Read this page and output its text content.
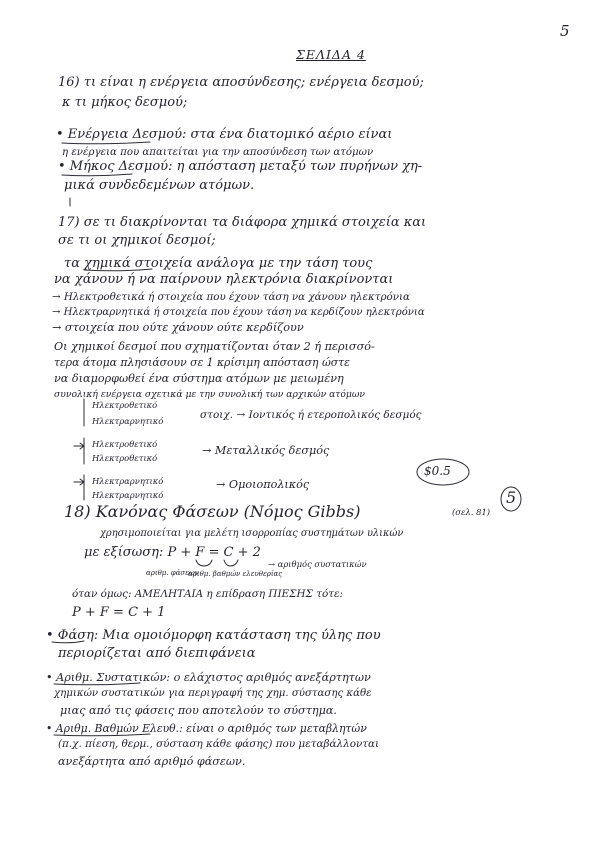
5
ΣΕΛΙΔΑ 4
16) τι είναι η ενέργεια αποσύνδεσης; ενέργεια δεσμού;
κ τι μήκος δεσμού;
• Ενέργεια Δεσμού: στα ένα διατομικό αέριο είναι
η ενέργεια που απαιτείται για την αποσύνδεση των ατόμων
• Μήκος Δεσμού: η απόσταση μεταξύ των πυρήνων χη-
μικά συνδεδεμένων ατόμων.
17) σε τι διακρίνονται τα διάφορα χημικά στοιχεία και
σε τι οι χημικοί δεσμοί;
τα χημικά στοιχεία ανάλογα με την τάση τους
να χάνουν ή να παίρνουν ηλεκτρόνια διακρίνονται
→ Ηλεκτροθετικά ή στοιχεία που έχουν τάση να χάνουν ηλεκτρόνια
→ Ηλεκτραρνητικά ή στοιχεία που έχουν τάση να κερδίζουν ηλεκτρόνια
→ στοιχεία που ούτε χάνουν ούτε κερδίζουν
Οι χημικοί δεσμοί που σχηματίζονται όταν 2 ή περισσό-
τερα άτομα πλησιάσουν σε 1 κρίσιμη απόσταση ώστε
να διαμορφωθεί ένα σύστημα ατόμων με μειωμένη
συνολική ενέργεια σχετικά με την συνολική των αρχικών ατόμων
Ηλεκτροθετικό
Ηλεκτραρνητικό	στοιχ. → Ιοντικός ή ετεροπολικός δεσμός
Ηλεκτροθετικό
Ηλεκτροθετικό
→ Μεταλλικός δεσμός
Ηλεκτραρνητικό
Ηλεκτραρνητικό
→ Ομοιοπολικός
$0.5
5
18) Κανόνας Φάσεων (Νόμος Gibbs)	(σελ. 81)
χρησιμοποιείται για μελέτη ισορροπίας συστημάτων υλικών
με εξίσωση: P + F = C + 2
→ αριθμός συστατικών
αριθμ. φάσεων
αριθμ. βαθμών ελευθερίας
όταν όμως: ΑΜΕΛΗΤΑΙΑ η επίδραση ΠΙΕΣΗΣ τότε:
P + F = C + 1
• Φάση: Μια ομοιόμορφη κατάσταση της ύλης που
περιορίζεται από διεπιφάνεια
• Αριθμ. Συστατικών: ο ελάχιστος αριθμός ανεξάρτητων
χημικών συστατικών για περιγραφή της χημ. σύστασης κάθε
μιας από τις φάσεις που αποτελούν το σύστημα.
• Αριθμ. Βαθμών Ελευθ.: είναι ο αριθμός των μεταβλητών
(π.χ. πίεση, θερμ., σύσταση κάθε φάσης) που μεταβάλλονται
ανεξάρτητα από αριθμό φάσεων.
